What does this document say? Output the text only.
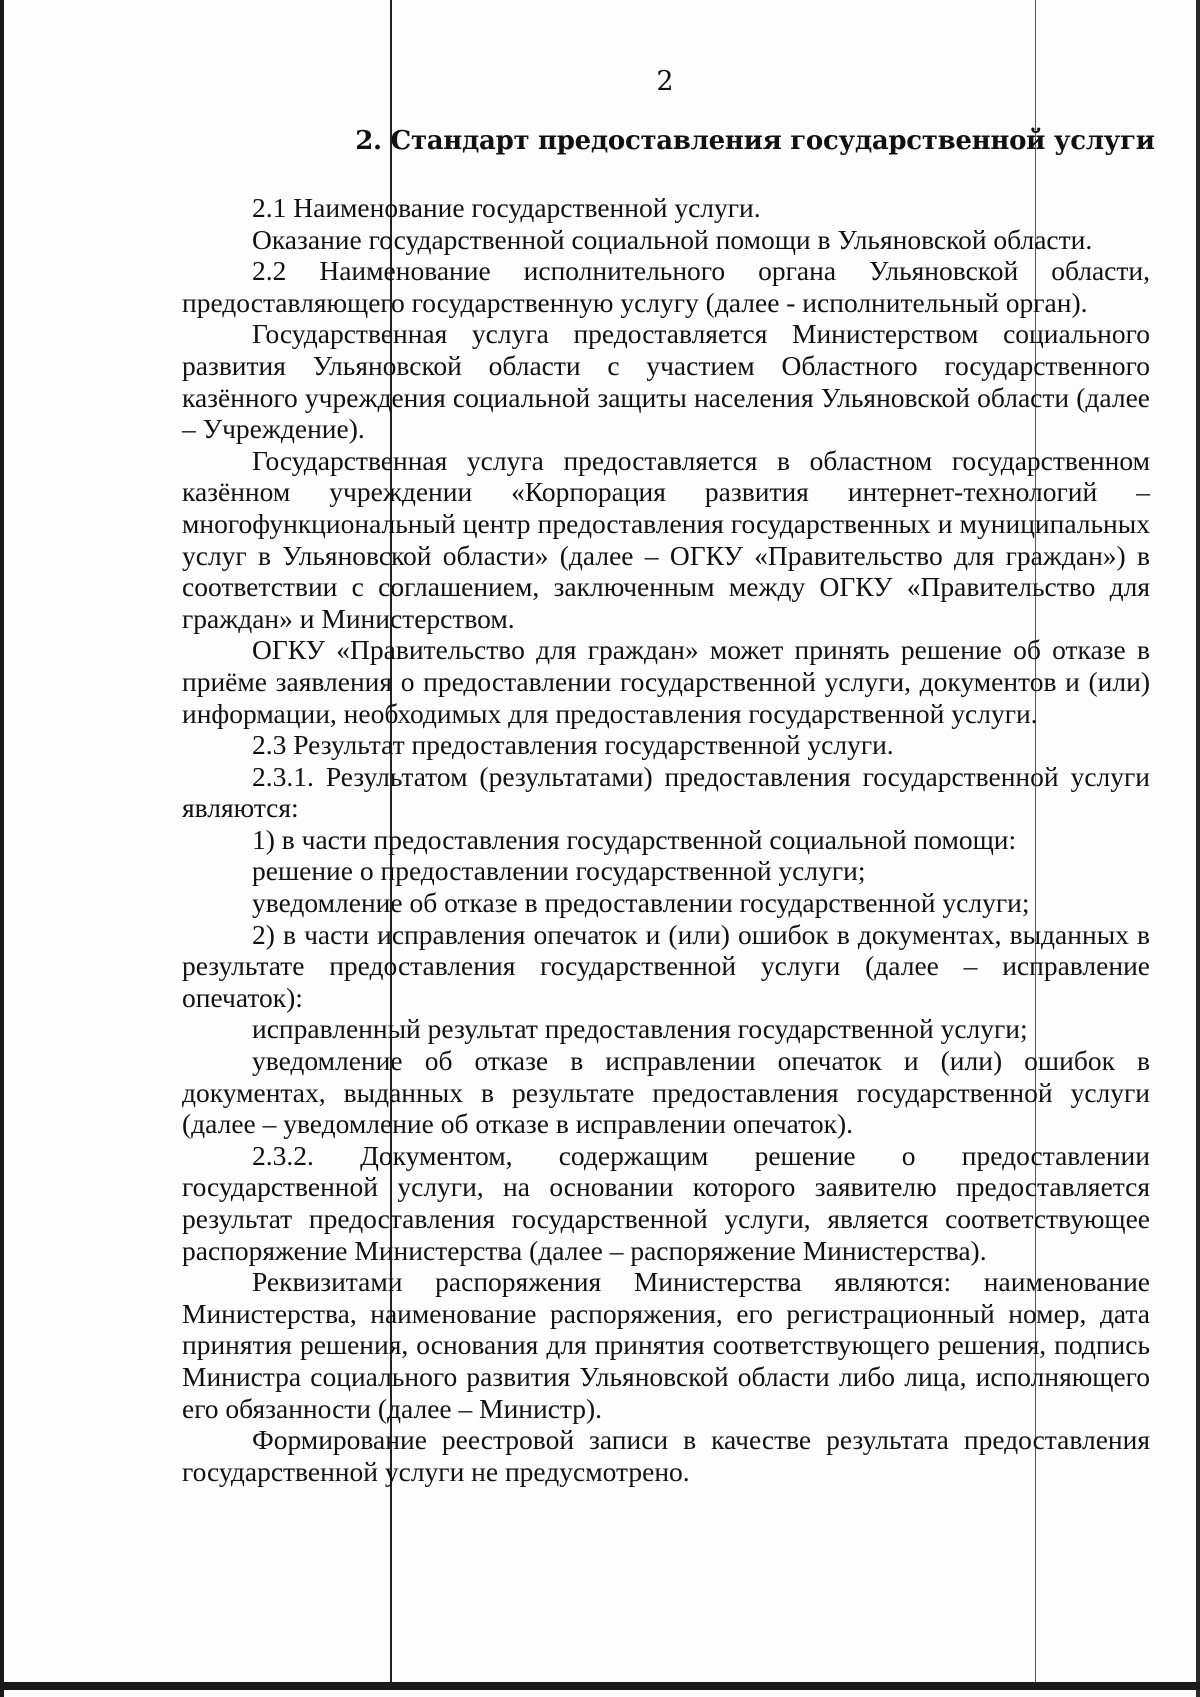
2
2. Стандарт предоставления государственной услуги

2.1 Наименование государственной услуги.

Оказание государственной социальной помощи в Ульяновской области.

2.2 Наименование исполнительного органа Ульяновской области, предоставляющего государственную услугу (далее - исполнительный орган).

Государственная услуга предоставляется Министерством социального развития Ульяновской области с участием Областного государственного казённого учреждения социальной защиты населения Ульяновской области (далее – Учреждение).

Государственная услуга предоставляется в областном государственном казённом учреждении «Корпорация развития интернет-технологий – многофункциональный центр предоставления государственных и муниципальных услуг в Ульяновской области» (далее – ОГКУ «Правительство для граждан») в соответствии с соглашением, заключенным между ОГКУ «Правительство для граждан» и Министерством.

ОГКУ «Правительство для граждан» может принять решение об отказе в приёме заявления о предоставлении государственной услуги, документов и (или) информации, необходимых для предоставления государственной услуги.

2.3 Результат предоставления государственной услуги.

2.3.1. Результатом (результатами) предоставления государственной услуги являются:

1) в части предоставления государственной социальной помощи:

решение о предоставлении государственной услуги;

уведомление об отказе в предоставлении государственной услуги;

2) в части исправления опечаток и (или) ошибок в документах, выданных в результате предоставления государственной услуги (далее – исправление опечаток):

исправленный результат предоставления государственной услуги;

уведомление об отказе в исправлении опечаток и (или) ошибок в документах, выданных в результате предоставления государственной услуги (далее – уведомление об отказе в исправлении опечаток).

2.3.2. Документом, содержащим решение о предоставлении государственной услуги, на основании которого заявителю предоставляется результат предоставления государственной услуги, является соответствующее распоряжение Министерства (далее – распоряжение Министерства).

Реквизитами распоряжения Министерства являются: наименование Министерства, наименование распоряжения, его регистрационный номер, дата принятия решения, основания для принятия соответствующего решения, подпись Министра социального развития Ульяновской области либо лица, исполняющего его обязанности (далее – Министр).

Формирование реестровой записи в качестве результата предоставления государственной услуги не предусмотрено.
